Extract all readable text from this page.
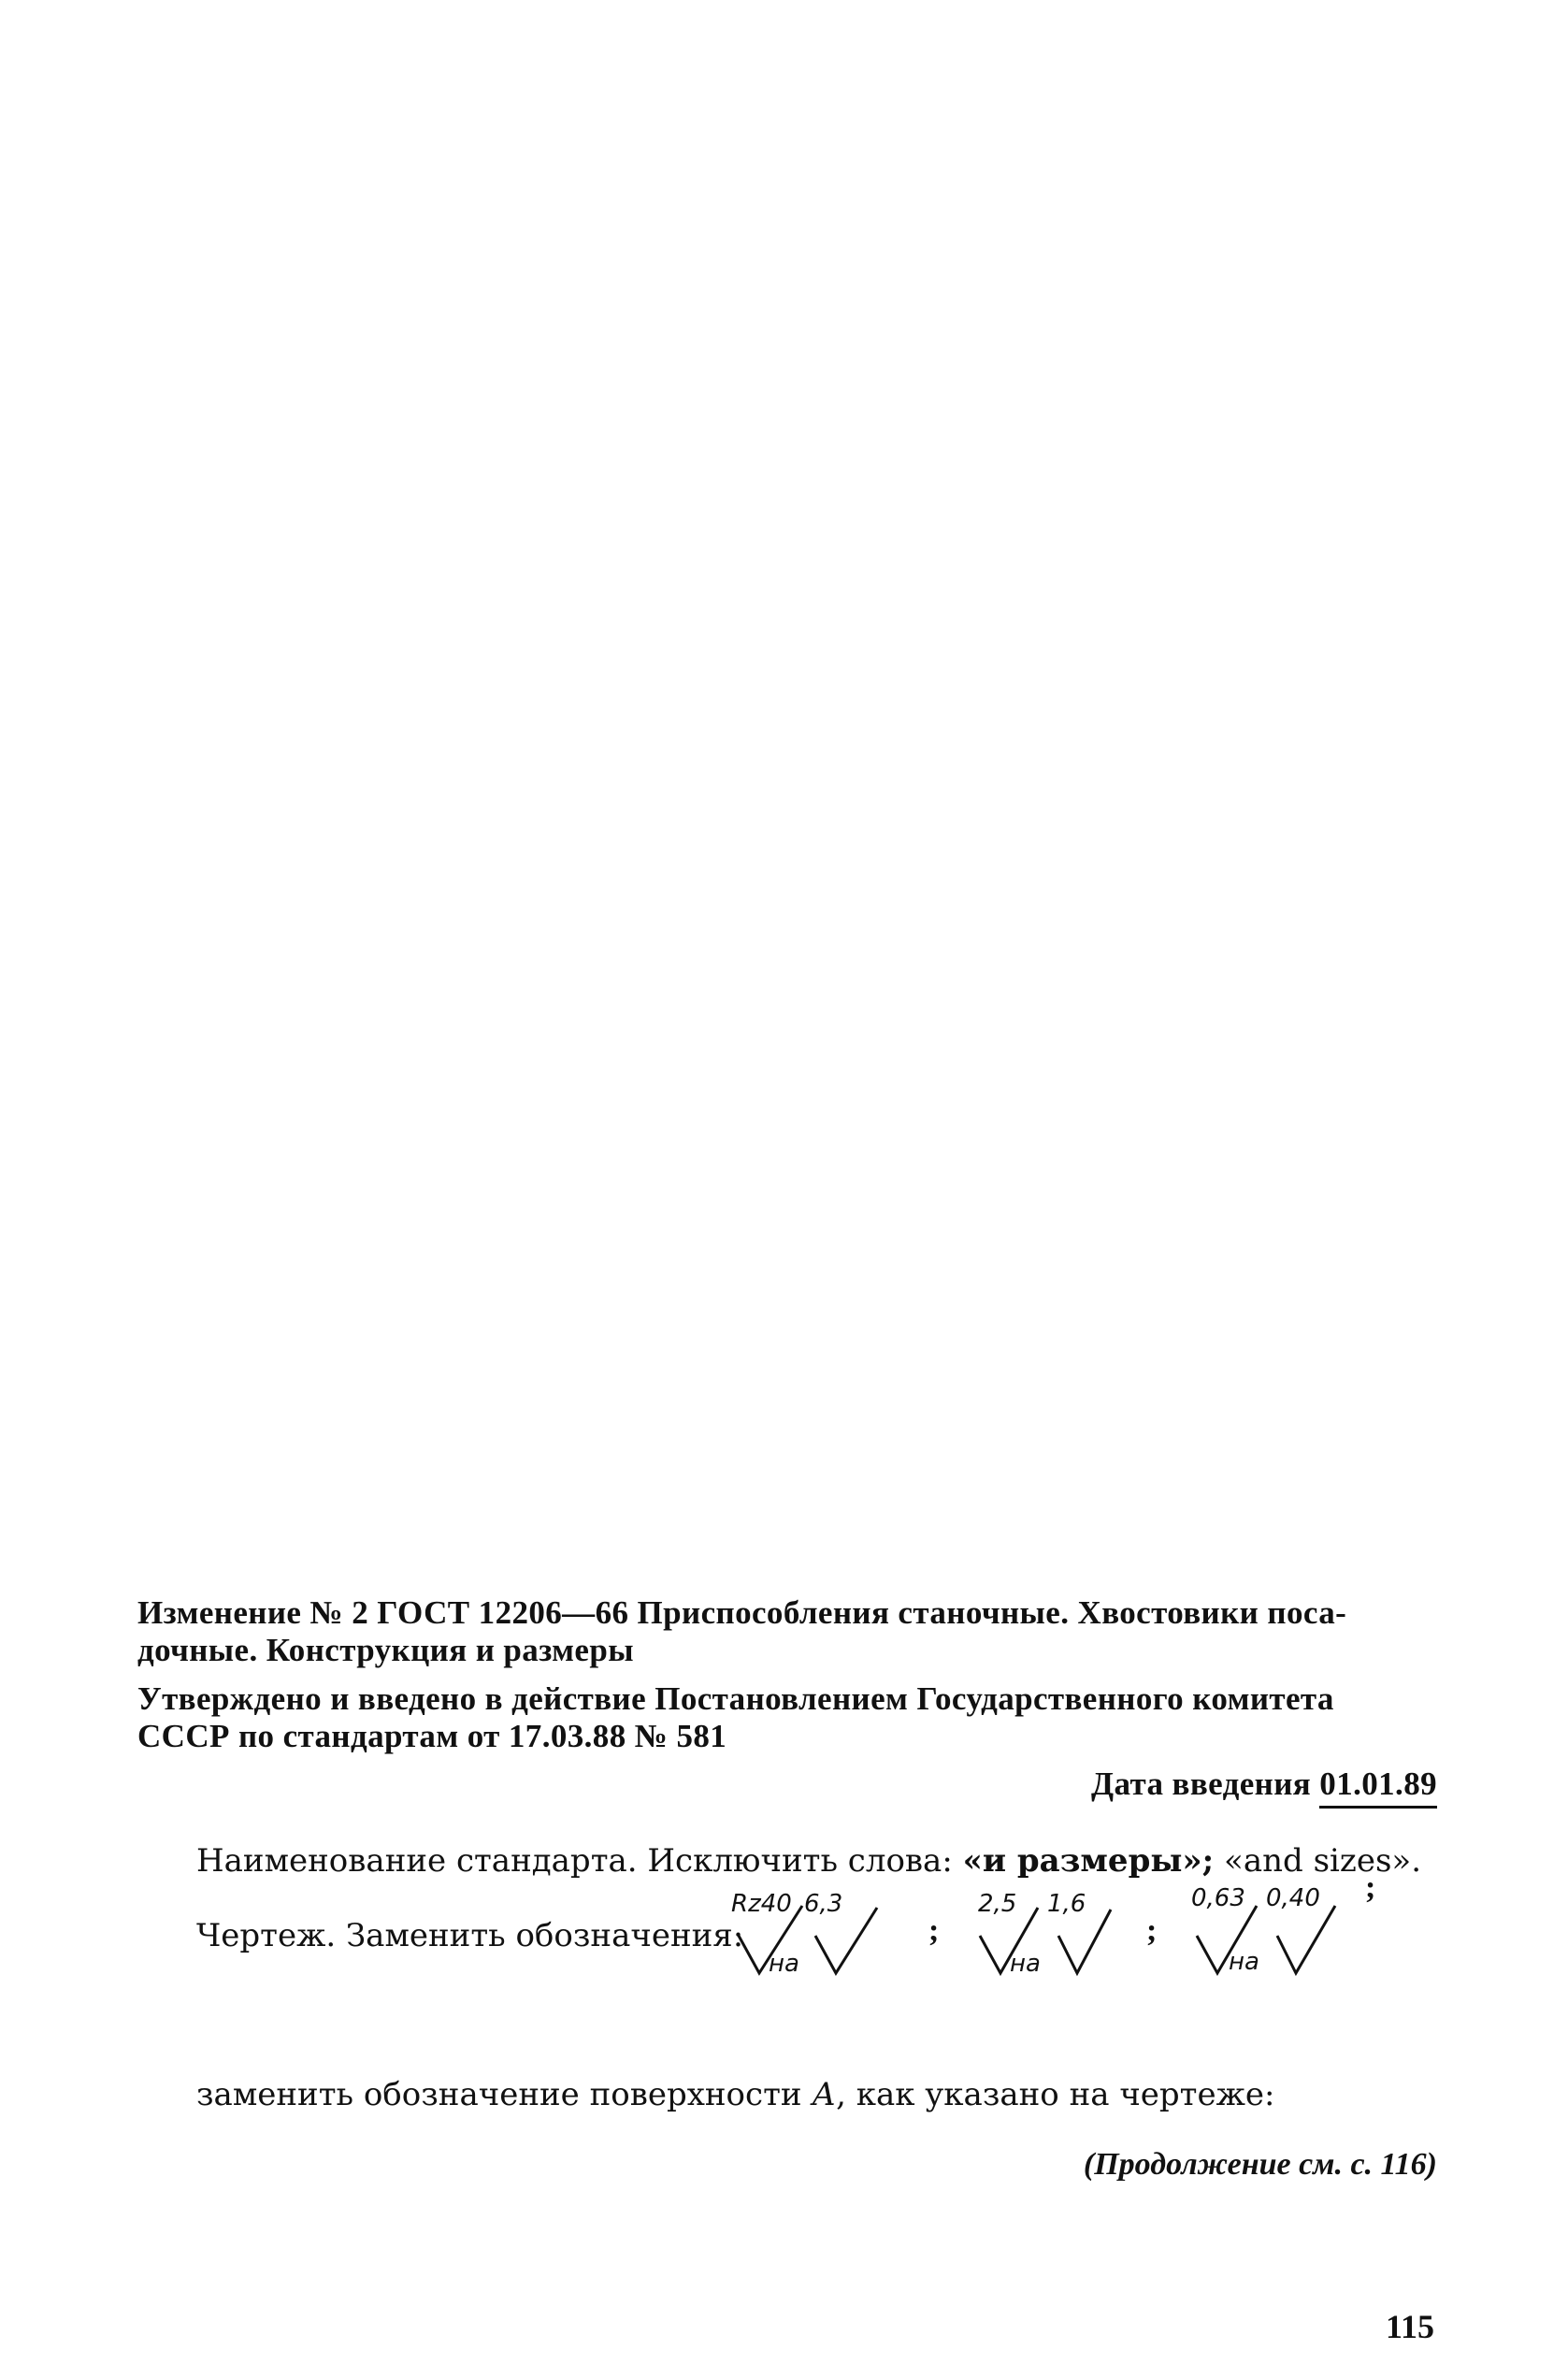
Изменение № 2 ГОСТ 12206—66 Приспособления станочные. Хвостовики поса-
дочные. Конструкция и размеры
Утверждено и введено в действие Постановлением Государственного комитета
СССР по стандартам от 17.03.88 № 581
Дата введения 01.01.89
Наименование стандарта. Исключить слова: «и размеры»; «and sizes».
Чертеж. Заменить обозначения:
Rz40 6,3
на
;
2,5 1,6
на
;
0,63 0,40
на
;
заменить обозначение поверхности А, как указано на чертеже:
(Продолжение см. с. 116)
115
